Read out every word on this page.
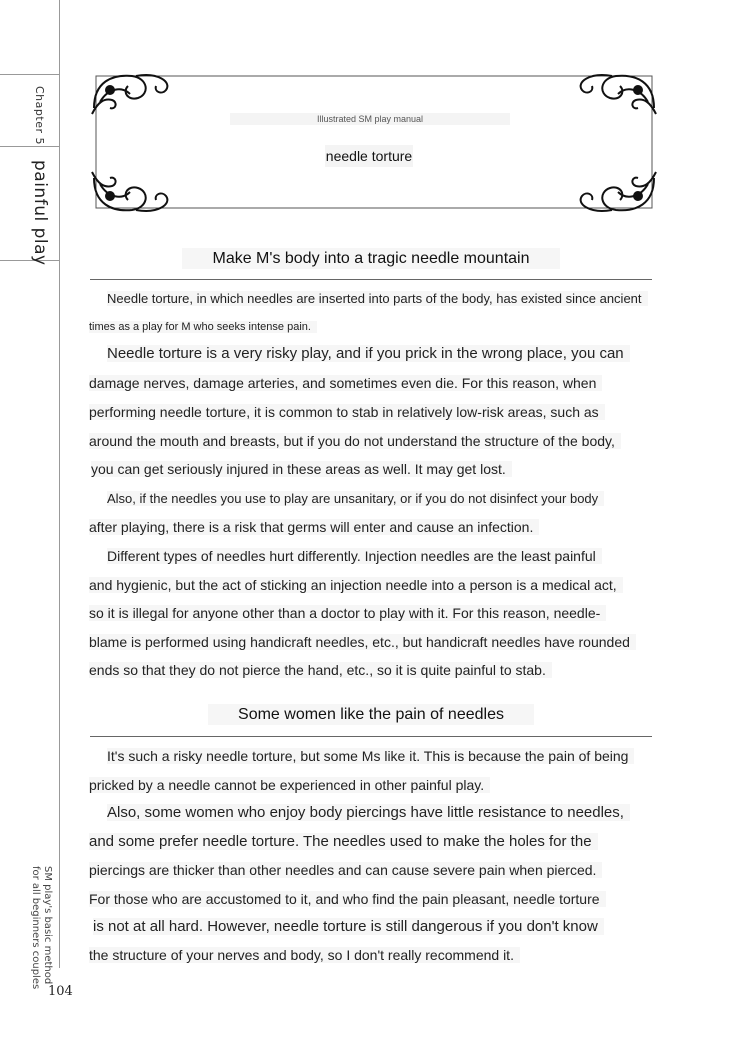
Chapter 5
painful play
SM play's basic method
for all beginners couples
104
Illustrated SM play manual
needle torture
Make M's body into a tragic needle mountain
Needle torture, in which needles are inserted into parts of the body, has existed since ancient
times as a play for M who seeks intense pain.
Needle torture is a very risky play, and if you prick in the wrong place, you can
damage nerves, damage arteries, and sometimes even die. For this reason, when
performing needle torture, it is common to stab in relatively low-risk areas, such as
around the mouth and breasts, but if you do not understand the structure of the body,
you can get seriously injured in these areas as well. It may get lost.
Also, if the needles you use to play are unsanitary, or if you do not disinfect your body
after playing, there is a risk that germs will enter and cause an infection.
Different types of needles hurt differently. Injection needles are the least painful
and hygienic, but the act of sticking an injection needle into a person is a medical act,
so it is illegal for anyone other than a doctor to play with it. For this reason, needle-
blame is performed using handicraft needles, etc., but handicraft needles have rounded
ends so that they do not pierce the hand, etc., so it is quite painful to stab.
Some women like the pain of needles
It's such a risky needle torture, but some Ms like it. This is because the pain of being
pricked by a needle cannot be experienced in other painful play.
Also, some women who enjoy body piercings have little resistance to needles,
and some prefer needle torture. The needles used to make the holes for the
piercings are thicker than other needles and can cause severe pain when pierced.
For those who are accustomed to it, and who find the pain pleasant, needle torture
is not at all hard. However, needle torture is still dangerous if you don't know
the structure of your nerves and body, so I don't really recommend it.
